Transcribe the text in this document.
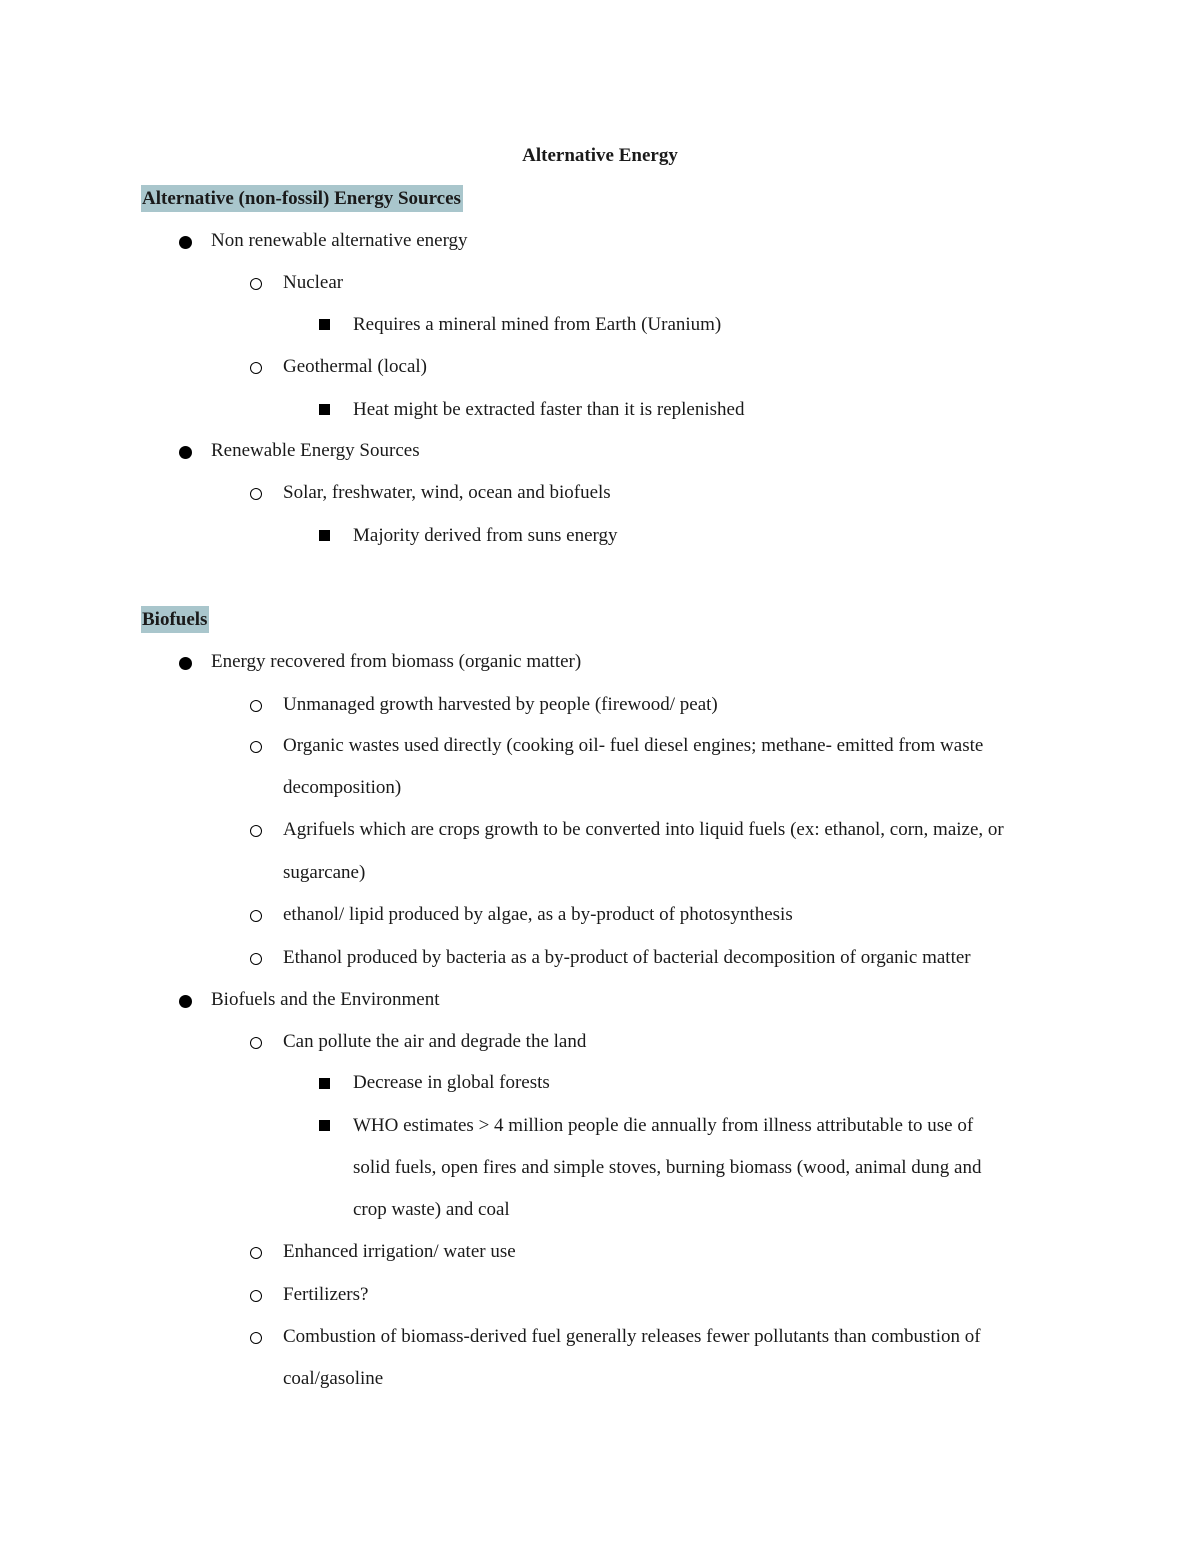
Alternative Energy
Alternative (non-fossil) Energy Sources
Non renewable alternative energy
Nuclear
Requires a mineral mined from Earth (Uranium)
Geothermal (local)
Heat might be extracted faster than it is replenished
Renewable Energy Sources
Solar, freshwater, wind, ocean and biofuels
Majority derived from suns energy
Biofuels
Energy recovered from biomass (organic matter)
Unmanaged growth harvested by people (firewood/ peat)
Organic wastes used directly (cooking oil- fuel diesel engines; methane- emitted from waste
decomposition)
Agrifuels which are crops growth to be converted into liquid fuels (ex: ethanol, corn, maize, or
sugarcane)
ethanol/ lipid produced by algae, as a by-product of photosynthesis
Ethanol produced by bacteria as a by-product of bacterial decomposition of organic matter
Biofuels and the Environment
Can pollute the air and degrade the land
Decrease in global forests
WHO estimates > 4 million people die annually from illness attributable to use of
solid fuels, open fires and simple stoves, burning biomass (wood, animal dung and
crop waste) and coal
Enhanced irrigation/ water use
Fertilizers?
Combustion of biomass-derived fuel generally releases fewer pollutants than combustion of
coal/gasoline
